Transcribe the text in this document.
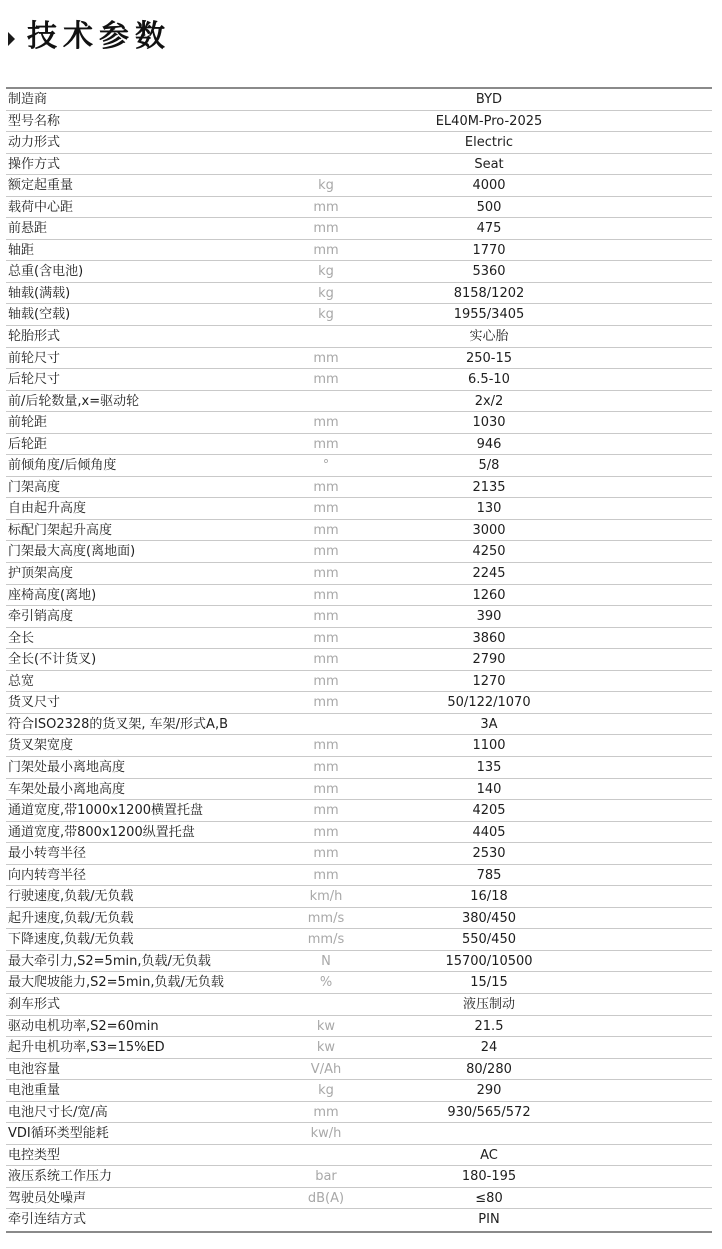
技术参数
制造商	BYD
型号名称	EL40M-Pro-2025
动力形式	Electric
操作方式	Seat
额定起重量	kg	4000
载荷中心距	mm	500
前悬距	mm	475
轴距	mm	1770
总重(含电池)	kg	5360
轴载(满载)	kg	8158/1202
轴载(空载)	kg	1955/3405
轮胎形式	实心胎
前轮尺寸	mm	250-15
后轮尺寸	mm	6.5-10
前/后轮数量,x=驱动轮	2x/2
前轮距	mm	1030
后轮距	mm	946
前倾角度/后倾角度	°	5/8
门架高度	mm	2135
自由起升高度	mm	130
标配门架起升高度	mm	3000
门架最大高度(离地面)	mm	4250
护顶架高度	mm	2245
座椅高度(离地)	mm	1260
牵引销高度	mm	390
全长	mm	3860
全长(不计货叉)	mm	2790
总宽	mm	1270
货叉尺寸	mm	50/122/1070
符合ISO2328的货叉架, 车架/形式A,B	3A
货叉架宽度	mm	1100
门架处最小离地高度	mm	135
车架处最小离地高度	mm	140
通道宽度,带1000x1200横置托盘	mm	4205
通道宽度,带800x1200纵置托盘	mm	4405
最小转弯半径	mm	2530
向内转弯半径	mm	785
行驶速度,负载/无负载	km/h	16/18
起升速度,负载/无负载	mm/s	380/450
下降速度,负载/无负载	mm/s	550/450
最大牵引力,S2=5min,负载/无负载	N	15700/10500
最大爬坡能力,S2=5min,负载/无负载	%	15/15
刹车形式	液压制动
驱动电机功率,S2=60min	kw	21.5
起升电机功率,S3=15%ED	kw	24
电池容量	V/Ah	80/280
电池重量	kg	290
电池尺寸长/宽/高	mm	930/565/572
VDI循环类型能耗	kw/h
电控类型	AC
液压系统工作压力	bar	180-195
驾驶员处噪声	dB(A)	≤80
牵引连结方式	PIN
